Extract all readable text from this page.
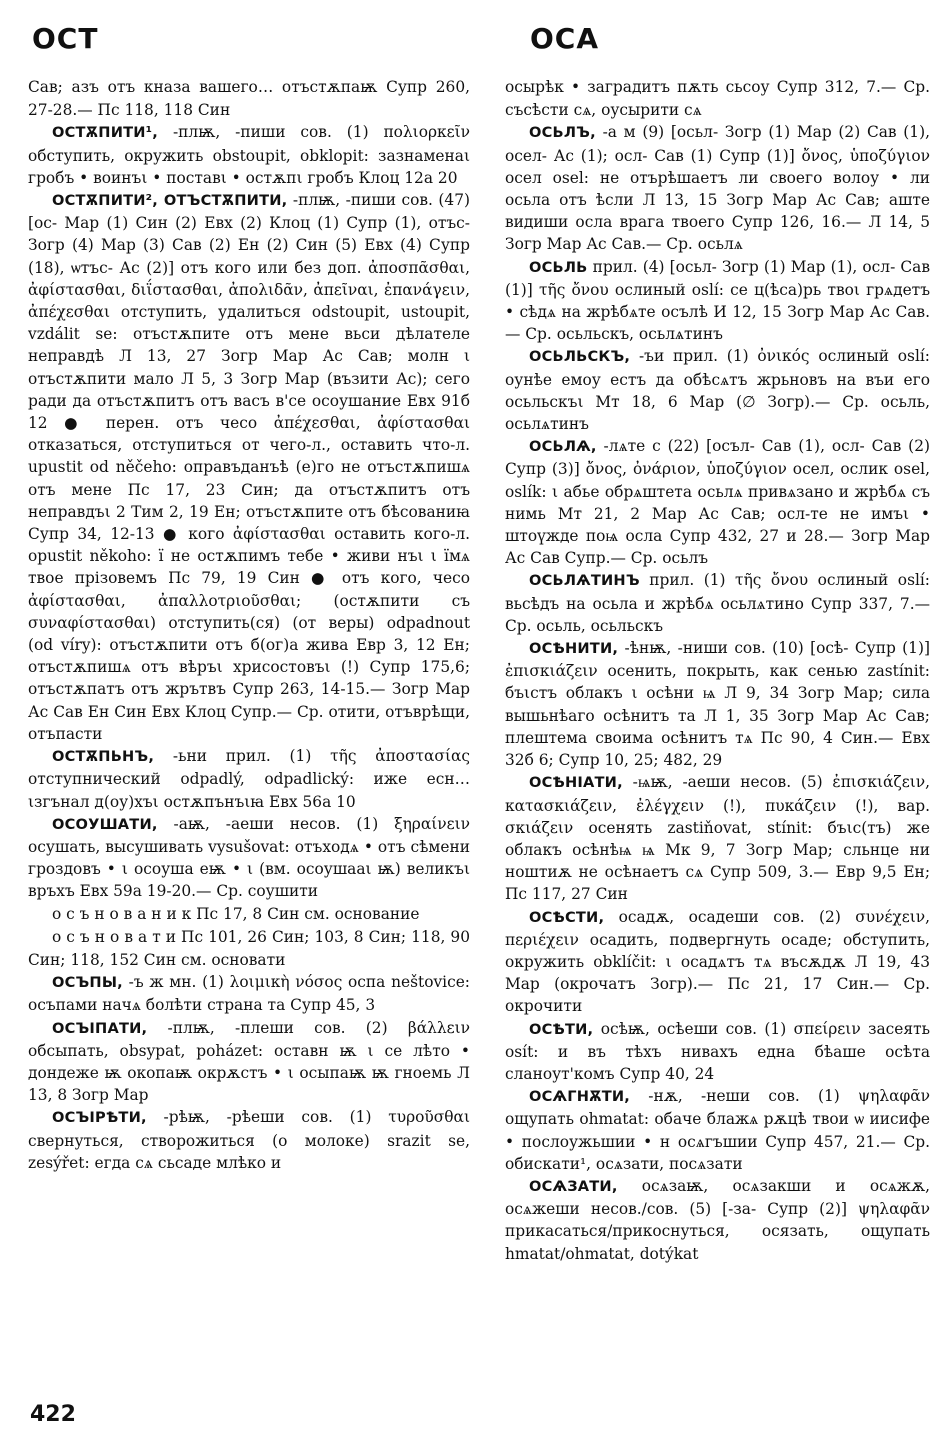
ОСТ	ОСА

Сав; азъ отъ кназа вашего… отъстѫпаѭ Супр 260, 27-28.— Пс 118, 118 Син

ОСТѪПИТИ¹, -плѭ, -пиши сов. (1) πολιορκεῖν обступить, окружить obstoupit, obklopit: зазнаменаι гробъ • воинъι • поставι • остѫпι гробъ Клоц 12а 20

ОСТѪПИТИ², ОТЪСТѪПИТИ, -плѭ, -пиши сов. (47) [ос- Мар (1) Син (2) Евх (2) Клоц (1) Супр (1), отъс- Зогр (4) Мар (3) Сав (2) Ен (2) Син (5) Евх (4) Супр (18), ѡтъс- Ас (2)] отъ кого или без доп. ἀποσπᾶσθαι, ἀφίστασθαι, διΐστασθαι, ἀπολιδᾶν, ἀπεῖναι, ἐπανάγειν, ἀπέχεσθαι отступить, удалиться odstoupit, ustoupit, vzdálit se: отъстѫпите отъ мене вьси дѣлателе неправдѣ Л 13, 27 Зогр Мар Ас Сав; молн ι отъстѫпити мало Л 5, 3 Зогр Мар (възити Ас); сего ради да отъстѫпитъ отъ васъ в'се осоушание Евх 91б 12 ● перен. отъ чесо ἀπέχεσθαι, ἀφίστασθαι отказаться, отступиться от чего-л., оставить что-л. upustit od něčeho: оправъданъѣ (е)го не отъстѫпишѧ отъ мене Пс 17, 23 Син; да отъстѫпитъ отъ неправдъι 2 Тим 2, 19 Ен; отъстѫпите отъ бѣсованиꙗ Супр 34, 12-13 ● кого ἀφίστασθαι оставить кого-л. opustit někoho: ї не остѫпимъ тебе • живи нъι ι їмѧ твое прізовемъ Пс 79, 19 Син ● отъ кого, чесо ἀφίστασθαι, ἀπαλλοτριοῦσθαι; (остѫпити съ συναφίστασθαι) отступить(ся) (от веры) odpadnout (od víry): отъстѫпити отъ б(ог)а жива Евр 3, 12 Ен; отъстѫпишѧ отъ вѣръι хрисостовъι (!) Супр 175,6; отъстѫпатъ отъ жрътвъ Супр 263, 14-15.— Зогр Мар Ас Сав Ен Син Евх Клоц Супр.— Ср. отити, отъврѣщи, отъпасти

ОСТѪПЬНЪ, -ьни прил. (1) τῆς ἀποστασίας отступнический odpadlý, odpadlický: иже есн… ιзгънал д(оу)хъι остѫпънъιꙗ Евх 56а 10

ОСОУШАТИ, -аѭ, -аеши несов. (1) ξηραίνειν осушать, высушивать vysušovat: отъходѧ • отъ сѣмени гроздовъ • ι осоуша еѭ • ι (вм. осоушааι ѭ) великъι връхъ Евх 59а 19-20.— Ср. соушити

о с ъ н о в а н и к Пс 17, 8 Син см. основание

о с ъ н о в а т и Пс 101, 26 Син; 103, 8 Син; 118, 90 Син; 118, 152 Син см. основати

ОСЪПЫ, -ъ ж мн. (1) λοιμικὴ νόσος оспа neštovice: осъпами начѧ болѣти страна та Супр 45, 3

ОСЪІПАТИ, -плѭ, -плеши сов. (2) βάλλειν обсыпать, obsypat, poházet: оставн ѭ ι се лѣто • дондеже ѭ окопаѭ окрѫстъ • ι осыпаѭ ѭ гноемь Л 13, 8 Зогр Мар

ОСЪІРѢТИ, -рѣѭ, -рѣеши сов. (1) τυροῦσθαι свернуться, створожиться (о молоке) srazit se, zesýřet: егда сѧ сьсаде млѣко и

осырѣк • заградитъ пѫть сьсоу Супр 312, 7.— Ср. съсѣсти сѧ, оусырити сѧ

ОСЬЛЪ, -а м (9) [осьл- Зогр (1) Мар (2) Сав (1), осел- Ас (1); осл- Сав (1) Супр (1)] ὄνος, ὑποζύγιον осел osel: не отърѣшаетъ ли своего волоу • ли осьла отъ ѣсли Л 13, 15 Зогр Мар Ас Сав; аште видиши осла врага твоего Супр 126, 16.— Л 14, 5 Зогр Мар Ас Сав.— Ср. осьлѧ

ОСЬЛЬ прил. (4) [осьл- Зогр (1) Мар (1), осл- Сав (1)] τῆς ὄνου ослиный oslí: се ц(ѣса)рь твоι грѧдетъ • сѣдѧ на жрѣбѧте осълѣ И 12, 15 Зогр Мар Ас Сав.— Ср. осьльскъ, осьлѧтинъ

ОСЬЛЬСКЪ, -ъи прил. (1) ὀνικός ослиный oslí: оунѣе емоу естъ да обѣсѧтъ жрьновъ на въи его осьльскъι Мт 18, 6 Мар (∅ Зогр).— Ср. осьль, осьлѧтинъ

ОСЬЛѦ, -лѧте с (22) [осъл- Сав (1), осл- Сав (2) Супр (3)] ὄνος, ὀνάριον, ὑποζύγιον осел, ослик osel, oslík: ι абье обрѧштета осьлѧ привѧзано и жрѣбѧ съ нимь Мт 21, 2 Мар Ас Сав; осл-те не имъι • штоүжде поѩ осла Супр 432, 27 и 28.— Зогр Мар Ас Сав Супр.— Ср. осьлъ

ОСЬЛѦТИНЪ прил. (1) τῆς ὄνου ослиный oslí: вьсѣдъ на осьла и жрѣбѧ осьлѧтинo Супр 337, 7.— Ср. осьль, осьльскъ

ОСѢНИТИ, -ѣнѭ, -ниши сов. (10) [осѣ- Супр (1)] ἐπισκιάζειν осенить, покрыть, как сенью zastínit: бъιстъ облакъ ι осѣни ѩ Л 9, 34 Зогр Мар; сила вышьнѣаго осѣнитъ та Л 1, 35 Зогр Мар Ас Сав; плештема своима осѣнитъ тѧ Пс 90, 4 Син.— Евх 32б 6; Супр 10, 25; 482, 29

ОСѢНІАТИ, -ѩѭ, -аеши несов. (5) ἐπισκιάζειν, κατασκιάζειν, ἐλέγχειν (!), πυκάζειν (!), вар. σκιάζειν осенять zastiňovat, stínit: бъιс(тъ) же облакъ осѣнѣѩ ѩ Мк 9, 7 Зогр Мар; сльнце ни ноштиѫ не осѣнаетъ сѧ Супр 509, 3.— Евр 9,5 Ен; Пс 117, 27 Син

ОСѢСТИ, осадѫ, осадеши сов. (2) συνέχειν, περιέχειν осадить, подвергнуть осаде; обступить, окружить obklíčit: ι осадѧтъ тѧ въсѫдѫ Л 19, 43 Мар (окрочатъ Зогр).— Пс 21, 17 Син.— Ср. окрочити

ОСѢТИ, осѣѭ, осѣеши сов. (1) σπείρειν засеять osít: и въ тѣхъ нивахъ една бѣаше осѣта сланоут'комъ Супр 40, 24

ОСѦГНѪТИ, -нѫ, -неши сов. (1) ψηλαφᾶν ощупать ohmatat: обаче блажѧ рѫцѣ твои ѡ иисифе • послоужьшии • н осѧгъшии Супр 457, 21.— Ср. обискати¹, осѧзати, посѧзати

ОСѦЗАТИ, осѧзаѭ, осѧзакши и осѧжѫ, осѧжеши несов./сов. (5) [-за- Супр (2)] ψηλαφᾶν прикасаться/прикоснуться, осязать, ощупать hmatat/ohmatat, dotýkat

422
